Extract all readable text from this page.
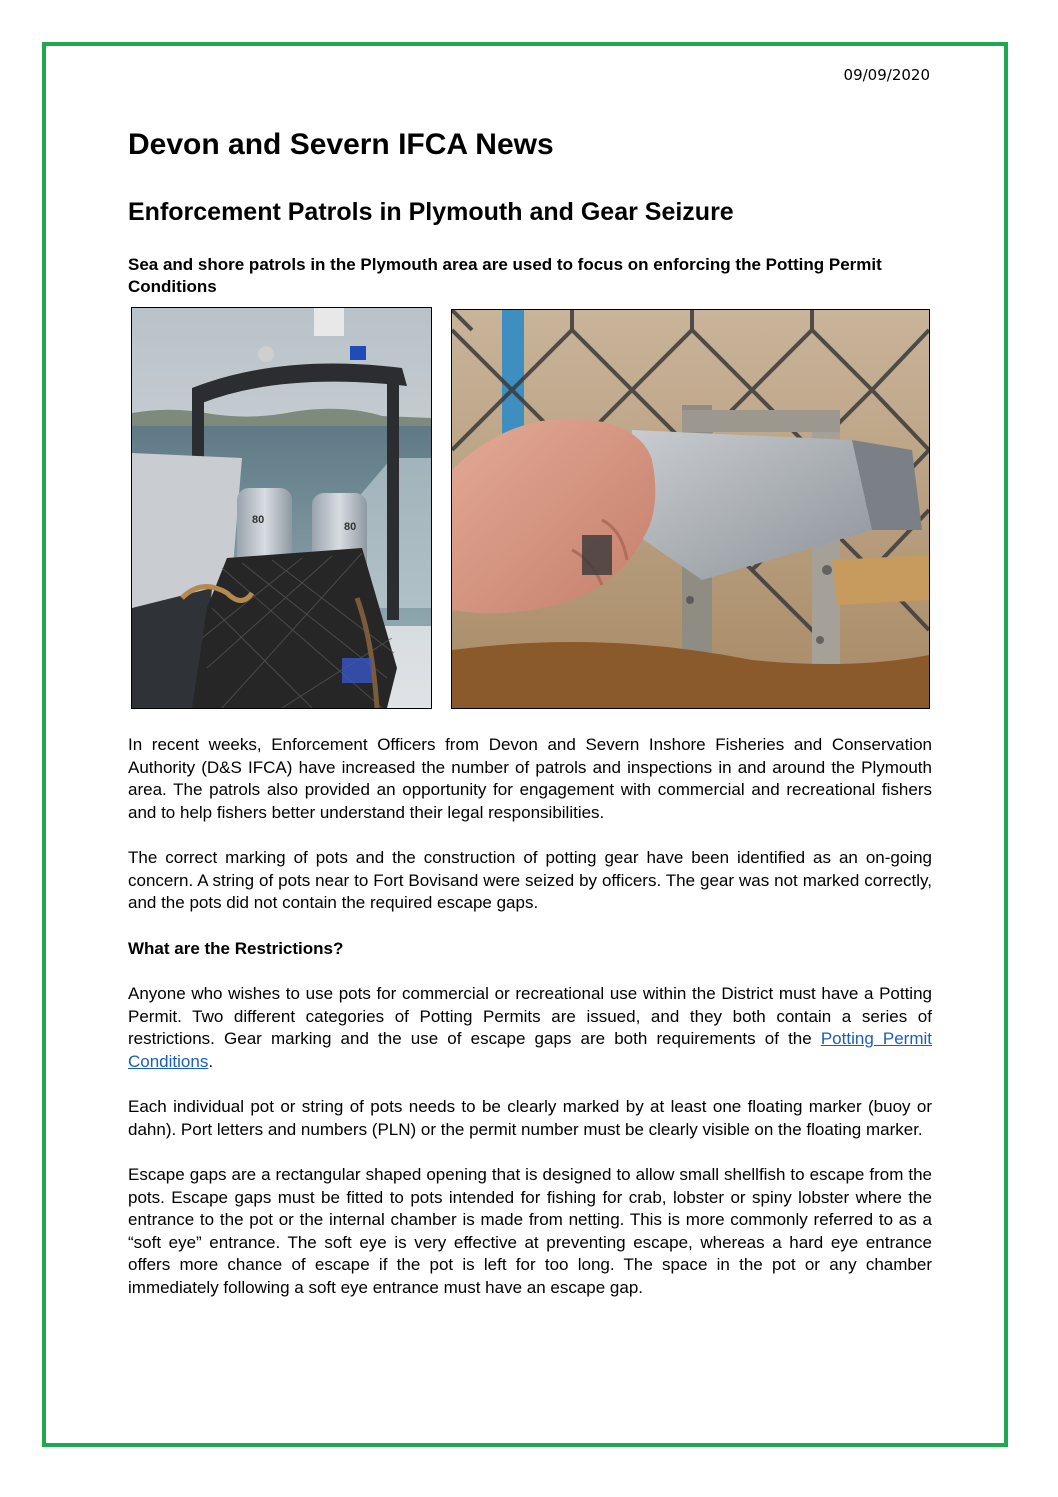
09/09/2020
Devon and Severn IFCA News
Enforcement Patrols in Plymouth and Gear Seizure

Sea and shore patrols in the Plymouth area are used to focus on enforcing the Potting Permit Conditions

80
80

In recent weeks, Enforcement Officers from Devon and Severn Inshore Fisheries and Conservation Authority (D&S IFCA) have increased the number of patrols and inspections in and around the Plymouth area. The patrols also provided an opportunity for engagement with commercial and recreational fishers and to help fishers better understand their legal responsibilities.

The correct marking of pots and the construction of potting gear have been identified as an on-going concern. A string of pots near to Fort Bovisand were seized by officers. The gear was not marked correctly, and the pots did not contain the required escape gaps.

What are the Restrictions?

Anyone who wishes to use pots for commercial or recreational use within the District must have a Potting Permit. Two different categories of Potting Permits are issued, and they both contain a series of restrictions. Gear marking and the use of escape gaps are both requirements of the Potting Permit Conditions.

Each individual pot or string of pots needs to be clearly marked by at least one floating marker (buoy or dahn). Port letters and numbers (PLN) or the permit number must be clearly visible on the floating marker.

Escape gaps are a rectangular shaped opening that is designed to allow small shellfish to escape from the pots. Escape gaps must be fitted to pots intended for fishing for crab, lobster or spiny lobster where the entrance to the pot or the internal chamber is made from netting. This is more commonly referred to as a “soft eye” entrance. The soft eye is very effective at preventing escape, whereas a hard eye entrance offers more chance of escape if the pot is left for too long. The space in the pot or any chamber immediately following a soft eye entrance must have an escape gap.
